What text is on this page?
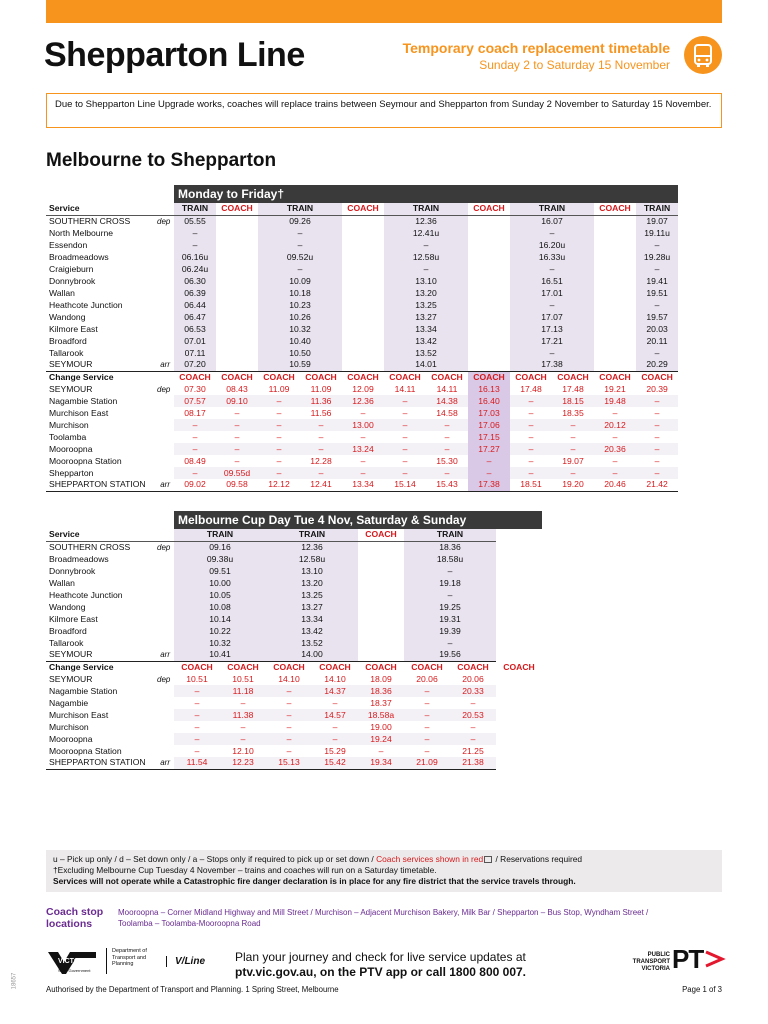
Shepparton Line	Temporary coach replacement timetable
Sunday 2 to Saturday 15 November
Due to Shepparton Line Upgrade works, coaches will replace trains between Seymour and Shepparton from Sunday 2 November to Saturday 15 November.
Melbourne to Shepparton
		Monday to Friday†												
Service		TRAIN	COACH	TRAIN		COACH	TRAIN		COACH	TRAIN		COACH	TRAIN	
SOUTHERN CROSS	dep	05.55		09.26			12.36			16.07			19.07	
North Melbourne		–		–			12.41u			–			19.11u	
Essendon		–		–			–			16.20u			–	
Broadmeadows		06.16u		09.52u			12.58u			16.33u			19.28u	
Craigieburn		06.24u		–			–			–			–	
Donnybrook		06.30		10.09			13.10			16.51			19.41	
Wallan		06.39		10.18			13.20			17.01			19.51	
Heathcote Junction		06.44		10.23			13.25			–			–	
Wandong		06.47		10.26			13.27			17.07			19.57	
Kilmore East		06.53		10.32			13.34			17.13			20.03	
Broadford		07.01		10.40			13.42			17.21			20.11	
Tallarook		07.11		10.50			13.52			–			–	
SEYMOUR	arr	07.20		10.59			14.01			17.38			20.29	
Change Service		COACH	COACH	COACH	COACH	COACH	COACH	COACH	COACH	COACH	COACH	COACH	COACH	
SEYMOUR	dep	07.30	08.43	11.09	11.09	12.09	14.11	14.11	16.13	17.48	17.48	19.21	20.39	
Nagambie Station		07.57	09.10	–	11.36	12.36	–	14.38	16.40	–	18.15	19.48	–	
Murchison East		08.17	–	–	11.56	–	–	14.58	17.03	–	18.35	–	–	
Murchison		–	–	–	–	13.00	–	–	17.06	–	–	20.12	–	
Toolamba		–	–	–	–	–	–	–	17.15	–	–	–	–	
Mooroopna		–	–	–	–	13.24	–	–	17.27	–	–	20.36	–	
Mooroopna Station		08.49	–	–	12.28	–	–	15.30	–	–	19.07	–	–	
Shepparton		–	09.55d	–	–	–	–	–	–	–	–	–	–	
SHEPPARTON STATION	arr	09.02	09.58	12.12	12.41	13.34	15.14	15.43	17.38	18.51	19.20	20.46	21.42	
		Melbourne Cup Day Tue 4 Nov, Saturday & Sunday							
Service		TRAIN		TRAIN		COACH	TRAIN		
SOUTHERN CROSS	dep	09.16		12.36			18.36		
Broadmeadows		09.38u		12.58u			18.58u		
Donnybrook		09.51		13.10			–		
Wallan		10.00		13.20			19.18		
Heathcote Junction		10.05		13.25			–		
Wandong		10.08		13.27			19.25		
Kilmore East		10.14		13.34			19.31		
Broadford		10.22		13.42			19.39		
Tallarook		10.32		13.52			–		
SEYMOUR	arr	10.41		14.00			19.56		
Change Service		COACH	COACH	COACH	COACH	COACH	COACH	COACH	COACH
SEYMOUR	dep	10.51	10.51	14.10	14.10	18.09	20.06	20.06	
Nagambie Station		–	11.18	–	14.37	18.36	–	20.33	
Nagambie		–	–	–	–	18.37	–	–	
Murchison East		–	11.38	–	14.57	18.58a	–	20.53	
Murchison		–	–	–	–	19.00	–	–	
Mooroopna		–	–	–	–	19.24	–	–	
Mooroopna Station		–	12.10	–	15.29	–	–	21.25	
SHEPPARTON STATION	arr	11.54	12.23	15.13	15.42	19.34	21.09	21.38	
u – Pick up only / d – Set down only / a – Stops only if required to pick up or set down / Coach services shown in red / Reservations required
†Excluding Melbourne Cup Tuesday 4 November – trains and coaches will run on a Saturday timetable.
Services will not operate while a Catastrophic fire danger declaration is in place for any fire district that the service travels through.
Coach stop
locations
Mooroopna – Corner Midland Highway and Mill Street / Murchison – Adjacent Murchison Bakery, Milk Bar / Shepparton – Bus Stop, Wyndham Street / Toolamba – Toolamba-Mooroopna Road
VICTORIA
State Government
Department of Transport and Planning	V/Line Plan your journey and check for live service updates at
ptv.vic.gov.au, on the PTV app or call 1800 800 007.
PUBLIC TRANSPORT VICTORIA PT
Authorised by the Department of Transport and Planning. 1 Spring Street, Melbourne	Page 1 of 3
18657
